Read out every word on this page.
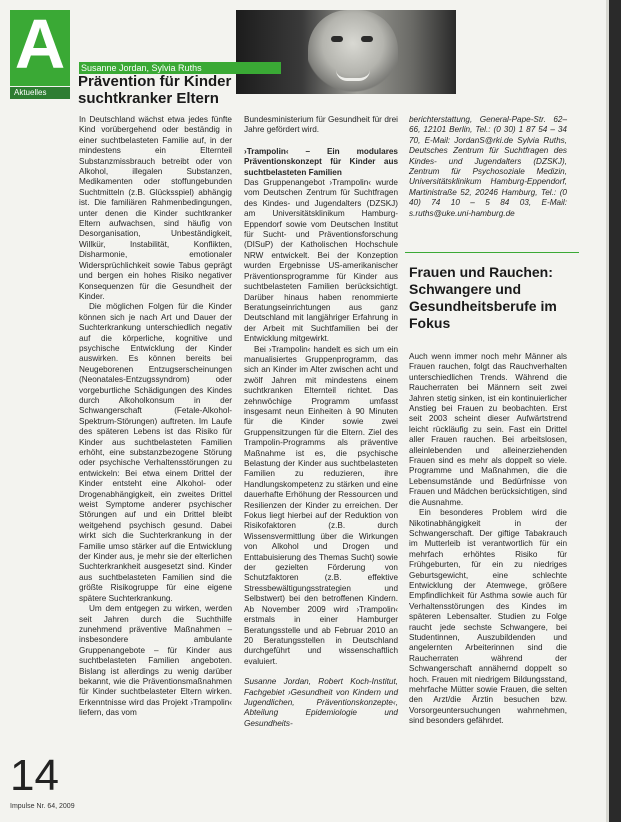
A
Aktuelles
Susanne Jordan, Sylvia Ruths
Prävention für Kinder suchtkranker Eltern

In Deutschland wächst etwa jedes fünfte Kind vorübergehend oder beständig in einer suchtbelasteten Familie auf, in der mindestens ein Elternteil Substanzmissbrauch betreibt oder von Alkohol, illegalen Substanzen, Medikamenten oder stoffungebunden Suchtmitteln (z.B. Glücksspiel) abhängig ist. Die familiären Rahmenbedingungen, unter denen die Kinder suchtkranker Eltern aufwachsen, sind häufig von Desorganisation, Unbeständigkeit, Willkür, Instabilität, Konflikten, Disharmonie, emotionaler Widersprüchlichkeit sowie Tabus geprägt und bergen ein hohes Risiko negativer Konsequenzen für die Gesundheit der Kinder.

Die möglichen Folgen für die Kinder können sich je nach Art und Dauer der Suchterkrankung unterschiedlich negativ auf die körperliche, kognitive und psychische Entwicklung der Kinder auswirken. Es können bereits bei Neugeborenen Entzugserscheinungen (Neonatales-Entzugssyndrom) oder vorgeburtliche Schädigungen des Kindes durch Alkoholkonsum in der Schwangerschaft (Fetale-Alkohol-Spektrum-Störungen) auftreten. Im Laufe des späteren Lebens ist das Risiko für Kinder aus suchtbelasteten Familien erhöht, eine substanzbezogene Störung oder psychische Verhaltensstörungen zu entwickeln: Bei etwa einem Drittel der Kinder entsteht eine Alkohol- oder Drogenabhängigkeit, ein zweites Drittel weist Symptome anderer psychischer Störungen auf und ein Drittel bleibt weitgehend psychisch gesund. Dabei wirkt sich die Suchterkrankung in der Familie umso stärker auf die Entwicklung der Kinder aus, je mehr sie der elterlichen Suchterkrankheit ausgesetzt sind. Kinder aus suchtbelasteten Familien sind die größte Risikogruppe für eine eigene spätere Suchterkrankung.

Um dem entgegen zu wirken, werden seit Jahren durch die Suchthilfe zunehmend präventive Maßnahmen – insbesondere ambulante Gruppenangebote – für Kinder aus suchtbelasteten Familien angeboten. Bislang ist allerdings zu wenig darüber bekannt, wie die Präventionsmaßnahmen für Kinder suchtbelasteter Eltern wirken. Erkenntnisse wird das Projekt ›Trampolin‹ liefern, das vom

Bundesministerium für Gesundheit für drei Jahre gefördert wird.

›Trampolin‹ – Ein modulares Präventionskonzept für Kinder aus suchtbelasteten Familien

Das Gruppenangebot ›Trampolin‹ wurde vom Deutschen Zentrum für Suchtfragen des Kindes- und Jugendalters (DZSKJ) am Universitätsklinikum Hamburg-Eppendorf sowie vom Deutschen Institut für Sucht- und Präventionsforschung (DISuP) der Katholischen Hochschule NRW entwickelt. Bei der Konzeption wurden Ergebnisse US-amerikanischer Präventionsprogramme für Kinder aus suchtbelasteten Familien berücksichtigt. Darüber hinaus haben renommierte Beratungseinrichtungen aus ganz Deutschland mit langjähriger Erfahrung in der Arbeit mit Suchtfamilien bei der Entwicklung mitgewirkt.

Bei ›Trampolin‹ handelt es sich um ein manualisiertes Gruppenprogramm, das sich an Kinder im Alter zwischen acht und zwölf Jahren mit mindestens einem suchtkranken Elternteil richtet. Das zehnwöchige Programm umfasst insgesamt neun Einheiten à 90 Minuten für die Kinder sowie zwei Gruppensitzungen für die Eltern. Ziel des Trampolin-Programms als präventive Maßnahme ist es, die psychische Belastung der Kinder aus suchtbelasteten Familien zu reduzieren, ihre Handlungskompetenz zu stärken und eine dauerhafte Erhöhung der Ressourcen und Resilienzen der Kinder zu erreichen. Der Fokus liegt hierbei auf der Reduktion von Risikofaktoren (z.B. durch Wissensvermittlung über die Wirkungen von Alkohol und Drogen und Enttabuisierung des Themas Sucht) sowie der gezielten Förderung von Schutzfaktoren (z.B. effektive Stressbewältigungsstrategien und Selbstwert) bei den betroffenen Kindern. Ab November 2009 wird ›Trampolin‹ erstmals in einer Hamburger Beratungsstelle und ab Februar 2010 an 20 Beratungsstellen in Deutschland durchgeführt und wissenschaftlich evaluiert.

Susanne Jordan, Robert Koch-Institut, Fachgebiet ›Gesundheit von Kindern und Jugendlichen, Präventionskonzepte‹, Abteilung Epidemiologie und Gesundheits-

berichterstattung, General-Pape-Str. 62–66, 12101 Berlin, Tel.: (0 30) 1 87 54 – 34 70, E-Mail: JordanS@rki.de Sylvia Ruths, Deutsches Zentrum für Suchtfragen des Kindes- und Jugendalters (DZSKJ), Zentrum für Psychosoziale Medizin, Universitätsklinikum Hamburg-Eppendorf, Martinistraße 52, 20246 Hamburg, Tel.: (0 40) 74 10 – 5 84 03, E-Mail: s.ruths@uke.uni-hamburg.de

Frauen und Rauchen: Schwangere und Gesundheitsberufe im Fokus

Auch wenn immer noch mehr Männer als Frauen rauchen, folgt das Rauchverhalten unterschiedlichen Trends. Während die Raucherraten bei Männern seit zwei Jahren stetig sinken, ist ein kontinuierlicher Anstieg bei Frauen zu beobachten. Erst seit 2003 scheint dieser Aufwärtstrend leicht rückläufig zu sein. Fast ein Drittel aller Frauen rauchen. Bei arbeitslosen, alleinlebenden und alleinerziehenden Frauen sind es mehr als doppelt so viele. Programme und Maßnahmen, die die Lebensumstände und Bedürfnisse von Frauen und Mädchen berücksichtigen, sind die Ausnahme.

Ein besonderes Problem wird die Nikotinabhängigkeit in der Schwangerschaft. Der giftige Tabakrauch im Mutterleib ist verantwortlich für ein mehrfach erhöhtes Risiko für Frühgeburten, für ein zu niedriges Geburtsgewicht, eine schlechte Entwicklung der Atemwege, größere Empfindlichkeit für Asthma sowie auch für Verhaltensstörungen des Kindes im späteren Lebensalter. Studien zu Folge raucht jede sechste Schwangere, bei Studentinnen, Auszubildenden und angelernten Arbeiterinnen sind die Raucherraten während der Schwangerschaft annähernd doppelt so hoch. Frauen mit niedrigem Bildungsstand, mehrfache Mütter sowie Frauen, die selten den Arzt/die Ärztin besuchen bzw. Vorsorgeuntersuchungen wahrnehmen, sind besonders gefährdet.

14
Impulse Nr. 64, 2009
